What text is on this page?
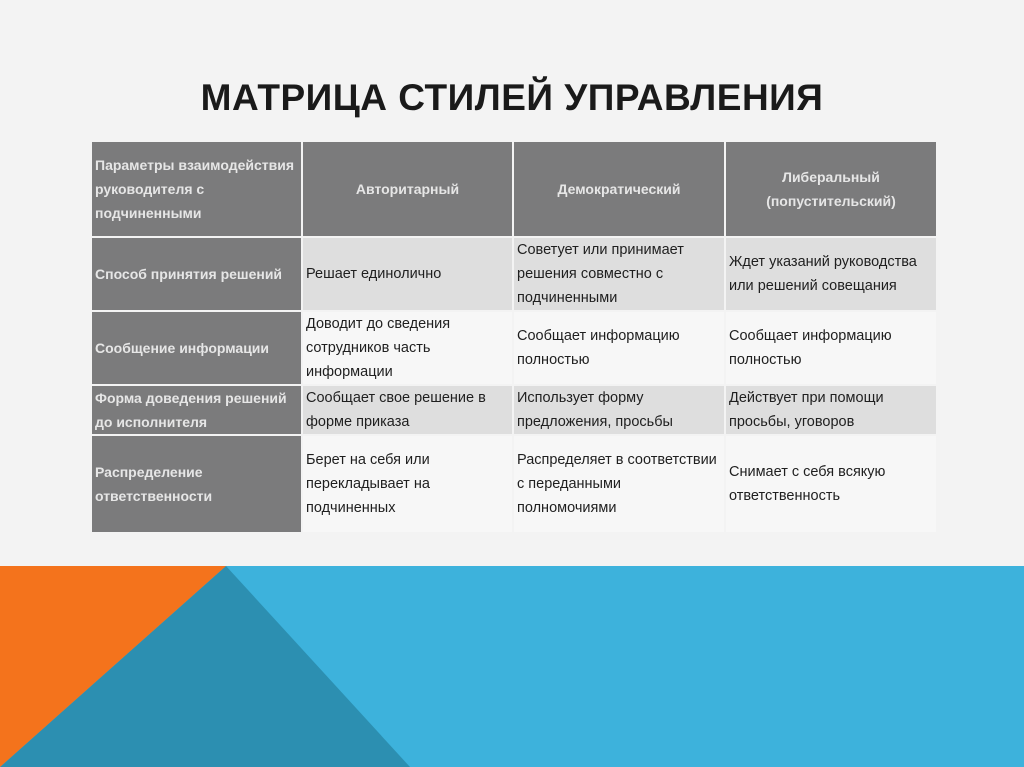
МАТРИЦА СТИЛЕЙ УПРАВЛЕНИЯ
Параметры взаимодействия руководителя с подчиненными	Авторитарный	Демократический	Либеральный (попустительский)
Способ принятия решений	Решает единолично	Советует или принимает решения совместно с подчиненными	Ждет указаний руководства или решений совещания
Сообщение информации	Доводит до сведения сотрудников часть информации	Сообщает информацию полностью	Сообщает информацию полностью
Форма доведения решений до исполнителя	Сообщает свое решение в форме приказа	Использует форму предложения, просьбы	Действует при помощи просьбы, уговоров
Распределение ответственности	Берет на себя или перекладывает на подчиненных	Распределяет в соответствии с переданными полномочиями	Снимает с себя всякую ответственность
